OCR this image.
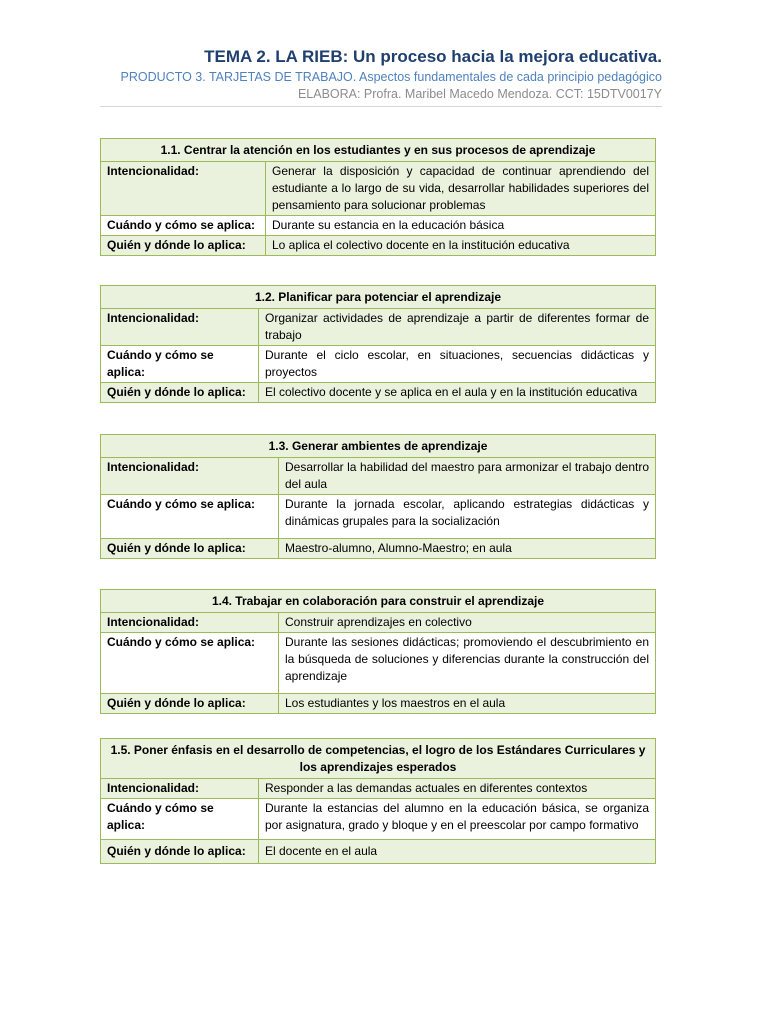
TEMA 2. LA RIEB: Un proceso hacia la mejora educativa.
PRODUCTO 3. TARJETAS DE TRABAJO. Aspectos fundamentales de cada principio pedagógico
ELABORA: Profra. Maribel Macedo Mendoza. CCT: 15DTV0017Y
1.1. Centrar la atención en los estudiantes y en sus procesos de aprendizaje	
Intencionalidad:	Generar la disposición y capacidad de continuar aprendiendo del estudiante a lo largo de su vida, desarrollar habilidades superiores del pensamiento para solucionar problemas
Cuándo y cómo se aplica:	Durante su estancia en la educación básica
Quién y dónde lo aplica:	Lo aplica el colectivo docente en la institución educativa
1.2. Planificar para potenciar el aprendizaje	
Intencionalidad:	Organizar actividades de aprendizaje a partir de diferentes formar de trabajo
Cuándo y cómo se aplica:	Durante el ciclo escolar, en situaciones, secuencias didácticas y proyectos
Quién y dónde lo aplica:	El colectivo docente y se aplica en el aula y en la institución educativa
1.3. Generar ambientes de aprendizaje	
Intencionalidad:	Desarrollar la habilidad del maestro para armonizar el trabajo dentro del aula
Cuándo y cómo se aplica:	Durante la jornada escolar, aplicando estrategias didácticas y dinámicas grupales para la socialización
Quién y dónde lo aplica:	Maestro-alumno, Alumno-Maestro; en aula
1.4. Trabajar en colaboración para construir el aprendizaje	
Intencionalidad:	Construir aprendizajes en colectivo
Cuándo y cómo se aplica:	Durante las sesiones didácticas; promoviendo el descubrimiento en la búsqueda de soluciones y diferencias durante la construcción del aprendizaje
Quién y dónde lo aplica:	Los estudiantes y los maestros en el aula
1.5. Poner énfasis en el desarrollo de competencias, el logro de los Estándares Curriculares y los aprendizajes esperados	
Intencionalidad:	Responder a las demandas actuales en diferentes contextos
Cuándo y cómo se aplica:	Durante la estancias del alumno en la educación básica, se organiza por asignatura, grado y bloque y en el preescolar por campo formativo
Quién y dónde lo aplica:	El docente en el aula
